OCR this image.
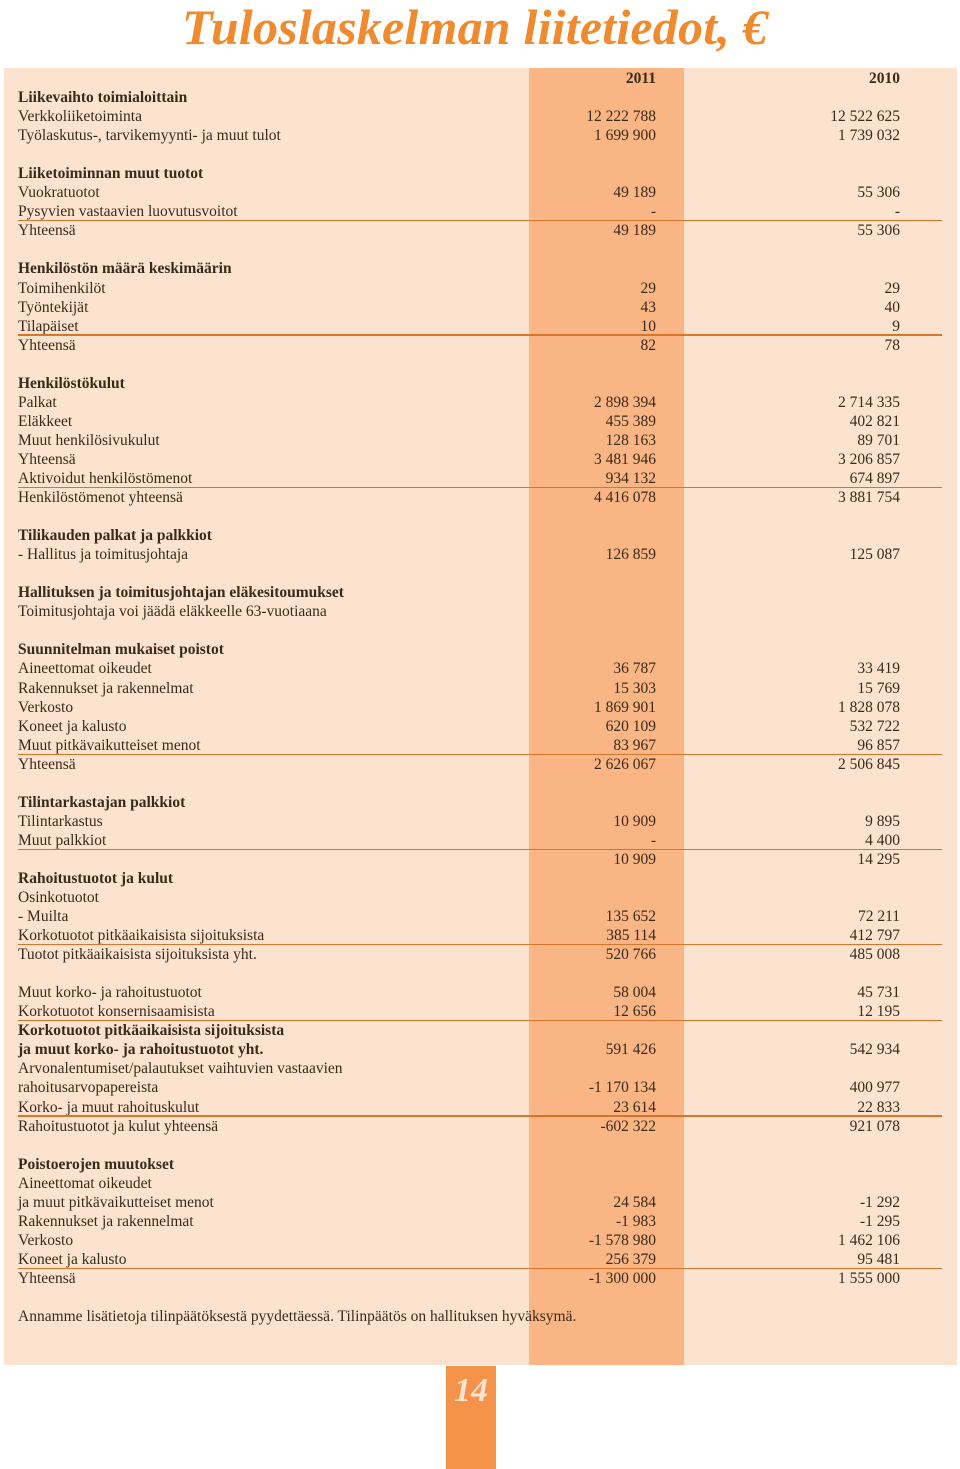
Tuloslaskelman liitetiedot, €
2011	2010
Liikevaihto toimialoittain
Verkkoliiketoiminta	12 222 788	12 522 625
Työlaskutus-, tarvikemyynti- ja muut tulot	1 699 900	1 739 032
Liiketoiminnan muut tuotot
Vuokratuotot	49 189	55 306
Pysyvien vastaavien luovutusvoitot	-	-
Yhteensä	49 189	55 306
Henkilöstön määrä keskimäärin
Toimihenkilöt	29	29
Työntekijät	43	40
Tilapäiset	10	9
Yhteensä	82	78
Henkilöstökulut
Palkat	2 898 394	2 714 335
Eläkkeet	455 389	402 821
Muut henkilösivukulut	128 163	89 701
Yhteensä	3 481 946	3 206 857
Aktivoidut henkilöstömenot	934 132	674 897
Henkilöstömenot yhteensä	4 416 078	3 881 754
Tilikauden palkat ja palkkiot
- Hallitus ja toimitusjohtaja	126 859	125 087
Hallituksen ja toimitusjohtajan eläkesitoumukset
Toimitusjohtaja voi jäädä eläkkeelle 63-vuotiaana
Suunnitelman mukaiset poistot
Aineettomat oikeudet	36 787	33 419
Rakennukset ja rakennelmat	15 303	15 769
Verkosto	1 869 901	1 828 078
Koneet ja kalusto	620 109	532 722
Muut pitkävaikutteiset menot	83 967	96 857
Yhteensä	2 626 067	2 506 845
Tilintarkastajan palkkiot
Tilintarkastus	10 909	9 895
Muut palkkiot	-	4 400
10 909	14 295
Rahoitustuotot ja kulut
Osinkotuotot
- Muilta	135 652	72 211
Korkotuotot pitkäaikaisista sijoituksista	385 114	412 797
Tuotot pitkäaikaisista sijoituksista yht.	520 766	485 008
Muut korko- ja rahoitustuotot	58 004	45 731
Korkotuotot konsernisaamisista	12 656	12 195
Korkotuotot pitkäaikaisista sijoituksista
ja muut korko- ja rahoitustuotot yht.	591 426	542 934
Arvonalentumiset/palautukset vaihtuvien vastaavien
rahoitusarvopapereista	-1 170 134	400 977
Korko- ja muut rahoituskulut	23 614	22 833
Rahoitustuotot ja kulut yhteensä	-602 322	921 078
Poistoerojen muutokset
Aineettomat oikeudet
ja muut pitkävaikutteiset menot	24 584	-1 292
Rakennukset ja rakennelmat	-1 983	-1 295
Verkosto	-1 578 980	1 462 106
Koneet ja kalusto	256 379	95 481
Yhteensä	-1 300 000	1 555 000
Annamme lisätietoja tilinpäätöksestä pyydettäessä. Tilinpäätös on hallituksen hyväksymä.
14
